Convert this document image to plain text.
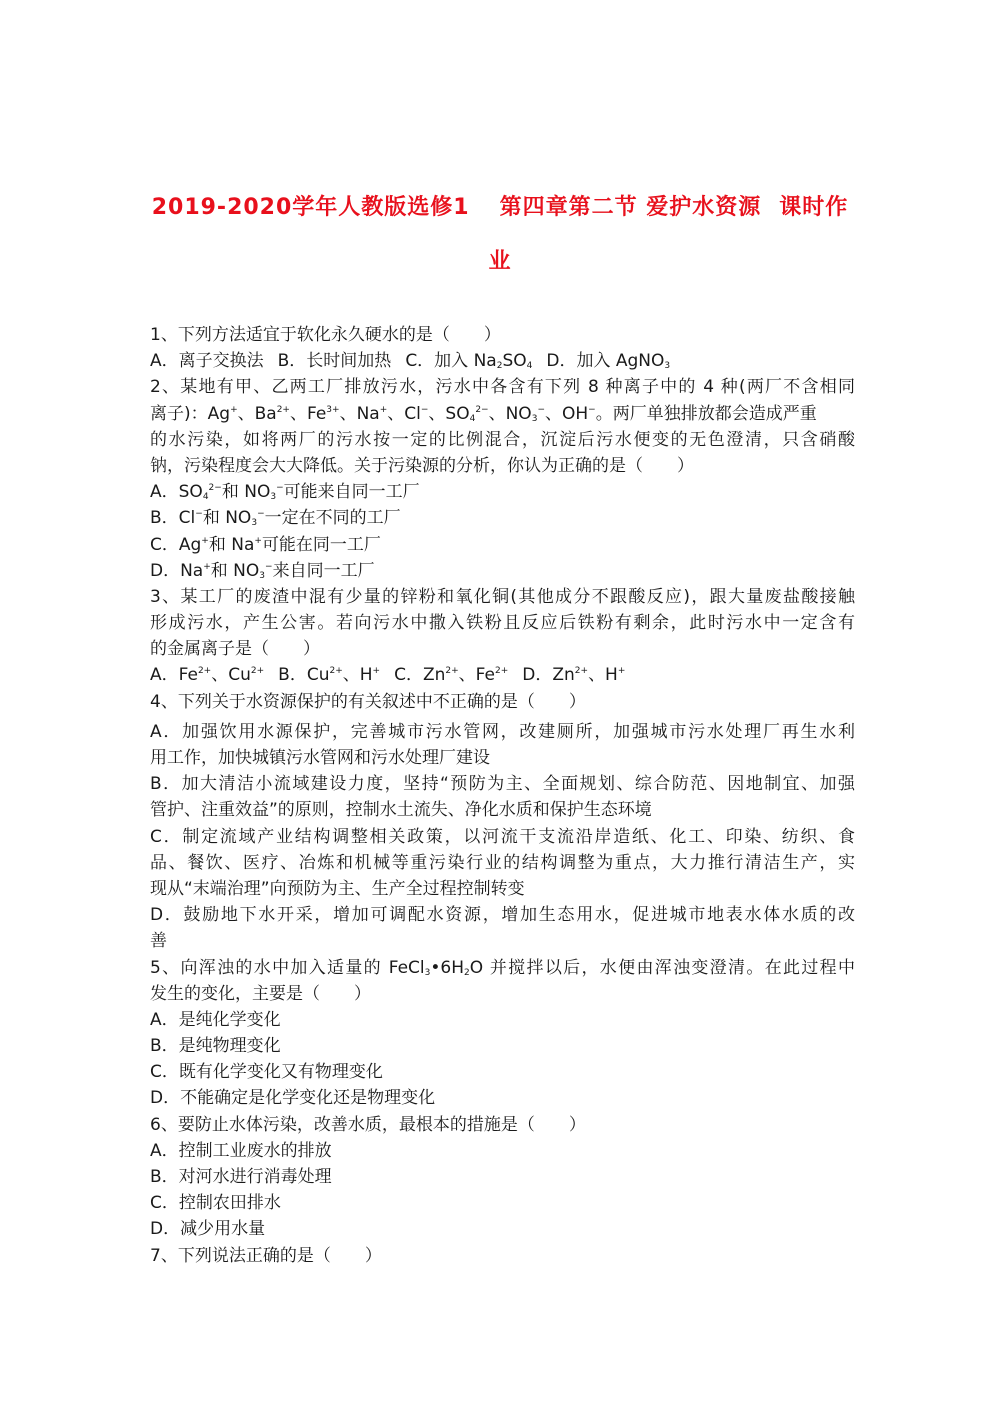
2019-2020学年人教版选修1 第四章第二节 爱护水资源 课时作
业
1、下列方法适宜于软化永久硬水的是（　　）
A．离子交换法 B．长时间加热 C．加入 $Na_2SO_4$ D．加入 AgNO$_3$
2、某地有甲、乙两工厂排放污水，污水中各含有下列 8 种离子中的 4 种(两厂不含相同
离子)：Ag+、$Ba^{2+}$、$Fe^{3+}$、Na+、Cl−、$SO_4^{2-}$、$NO_3^-$、OH−。两厂单独排放都会造成严重
的水污染，如将两厂的污水按一定的比例混合，沉淀后污水便变的无色澄清，只含硝酸
钠，污染程度会大大降低。关于污染源的分析，你认为正确的是（　　）
A．$SO_4^{2-}$和 $NO_3^-$可能来自同一工厂
B．Cl−和 $NO_3^-$一定在不同的工厂
C．Ag+和 Na+可能在同一工厂
D．Na+和 $NO_3^-$来自同一工厂
3、某工厂的废渣中混有少量的锌粉和氧化铜(其他成分不跟酸反应)，跟大量废盐酸接触
形成污水，产生公害。若向污水中撒入铁粉且反应后铁粉有剩余，此时污水中一定含有
的金属离子是（　　）
A．$Fe^{2+}$、$Cu^{2+}$ B．$Cu^{2+}$、H+ C．$Zn^{2+}$、$Fe^{2+}$ D．$Zn^{2+}$、H+
4、下列关于水资源保护的有关叙述中不正确的是（　　）
A．加强饮用水源保护，完善城市污水管网，改建厕所，加强城市污水处理厂再生水利
用工作，加快城镇污水管网和污水处理厂建设
B．加大清洁小流域建设力度，坚持“预防为主、全面规划、综合防范、因地制宜、加强
管护、注重效益”的原则，控制水土流失、净化水质和保护生态环境
C．制定流域产业结构调整相关政策，以河流干支流沿岸造纸、化工、印染、纺织、食
品、餐饮、医疗、冶炼和机械等重污染行业的结构调整为重点，大力推行清洁生产，实
现从“末端治理”向预防为主、生产全过程控制转变
D．鼓励地下水开采，增加可调配水资源，增加生态用水，促进城市地表水体水质的改
善
5、向浑浊的水中加入适量的 $FeCl_3•6H_2O$ 并搅拌以后，水便由浑浊变澄清。在此过程中
发生的变化，主要是（　　）
A．是纯化学变化
B．是纯物理变化
C．既有化学变化又有物理变化
D．不能确定是化学变化还是物理变化
6、要防止水体污染，改善水质，最根本的措施是（　　）
A．控制工业废水的排放
B．对河水进行消毒处理
C．控制农田排水
D．减少用水量
7、下列说法正确的是（　　）
